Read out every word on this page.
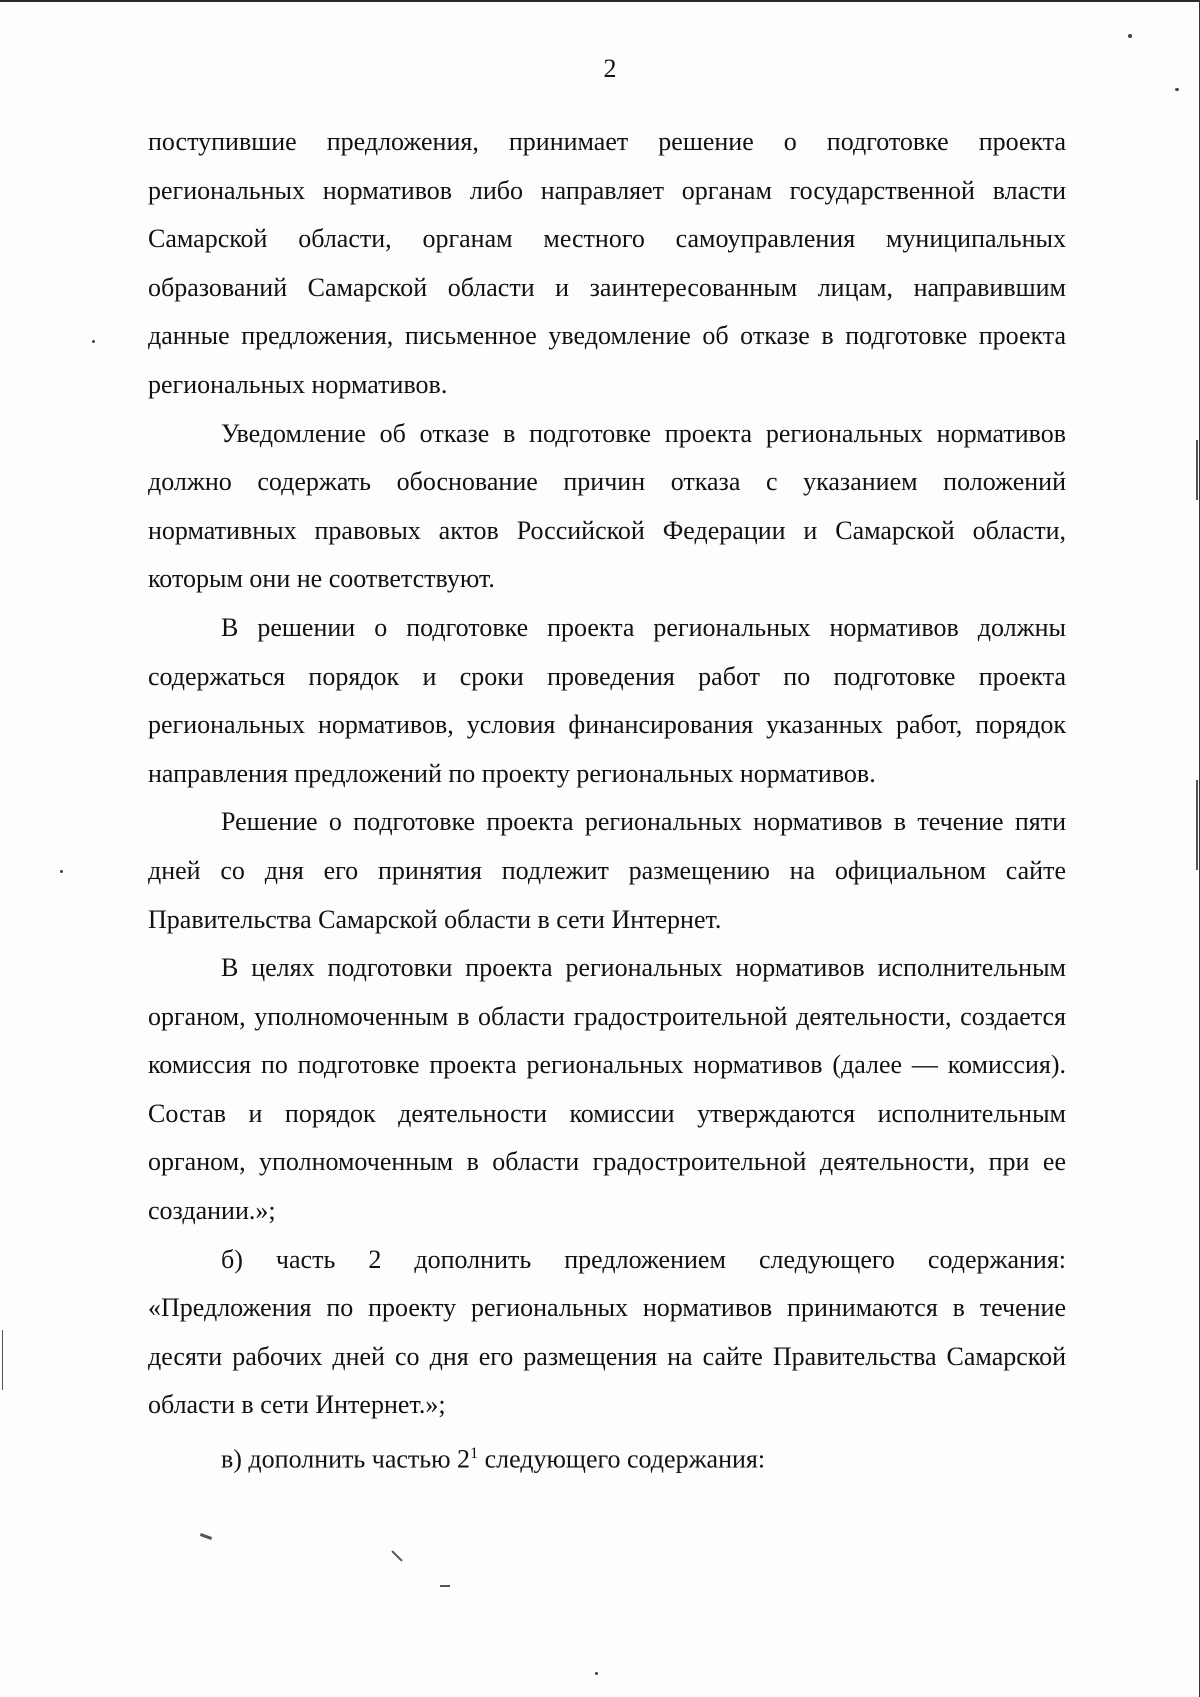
2

поступившие предложения, принимает решение о подготовке проекта региональных нормативов либо направляет органам государственной власти Самарской области, органам местного самоуправления муниципальных образований Самарской области и заинтересованным лицам, направившим данные предложения, письменное уведомление об отказе в подготовке проекта региональных нормативов.

Уведомление об отказе в подготовке проекта региональных нормативов должно содержать обоснование причин отказа с указанием положений нормативных правовых актов Российской Федерации и Самарской области, которым они не соответствуют.

В решении о подготовке проекта региональных нормативов должны содержаться порядок и сроки проведения работ по подготовке проекта региональных нормативов, условия финансирования указанных работ, порядок направления предложений по проекту региональных нормативов.

Решение о подготовке проекта региональных нормативов в течение пяти дней со дня его принятия подлежит размещению на официальном сайте Правительства Самарской области в сети Интернет.

В целях подготовки проекта региональных нормативов исполнительным органом, уполномоченным в области градостроительной деятельности, создается комиссия по подготовке проекта региональных нормативов (далее — комиссия). Состав и порядок деятельности комиссии утверждаются исполнительным органом, уполномоченным в области градостроительной деятельности, при ее создании.»;

б) часть 2 дополнить предложением следующего содержания: «Предложения по проекту региональных нормативов принимаются в течение десяти рабочих дней со дня его размещения на сайте Правительства Самарской области в сети Интернет.»;

в) дополнить частью $2^1$ следующего содержания:
